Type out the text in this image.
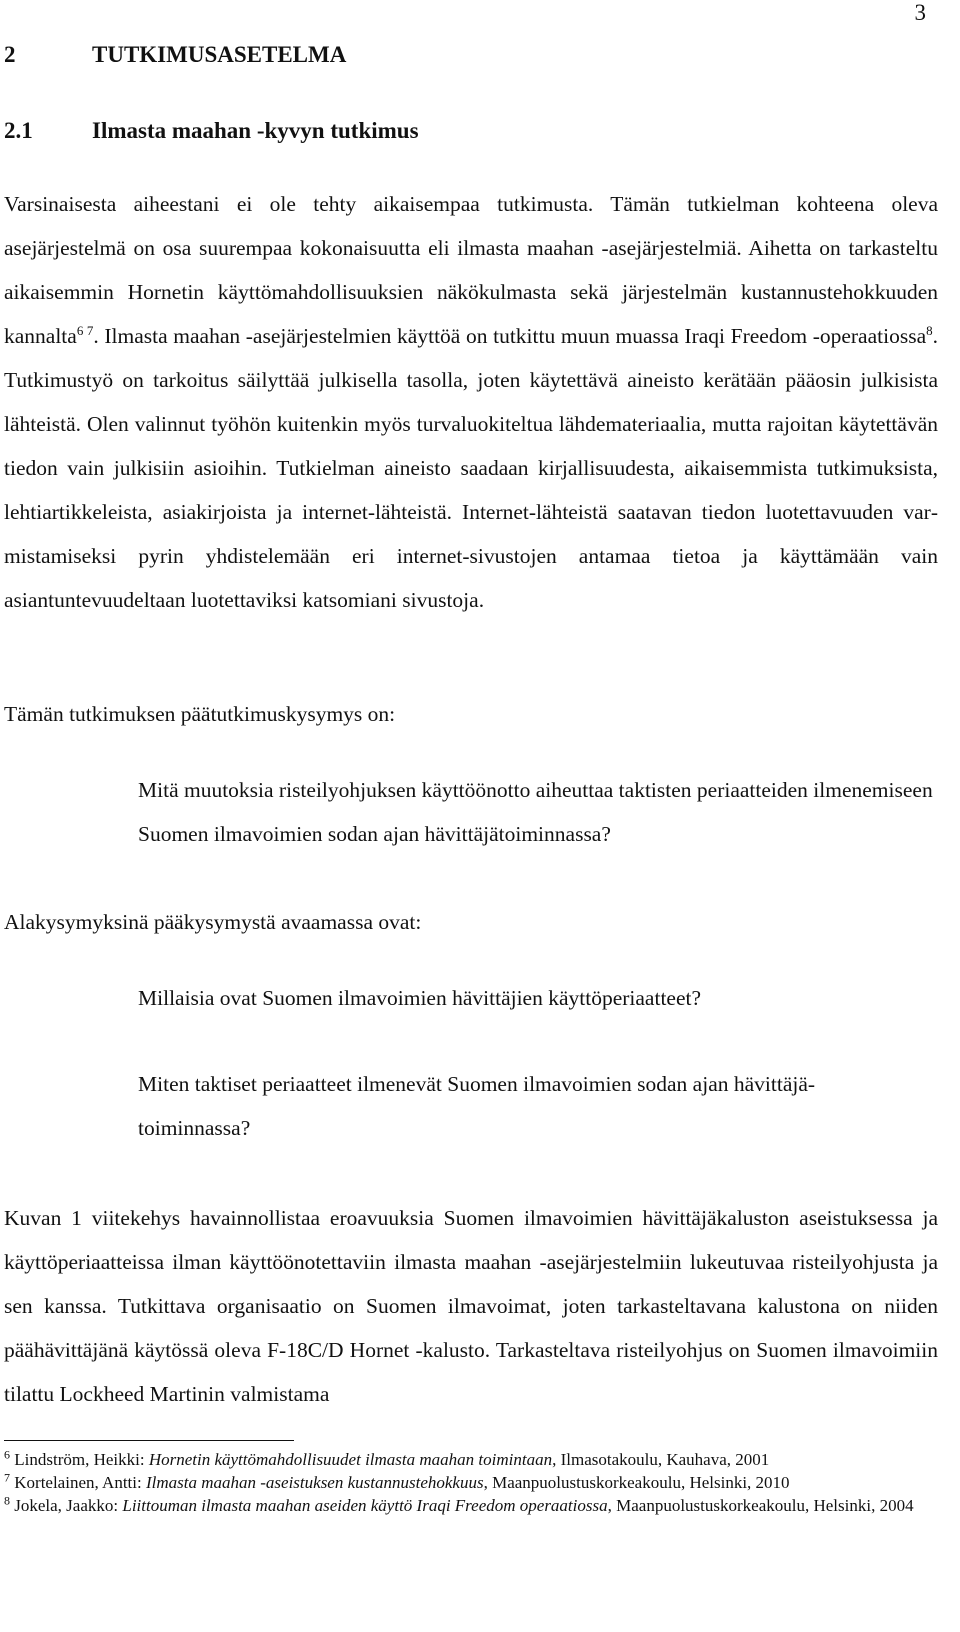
3
2	TUTKIMUSASETELMA
2.1	Ilmasta maahan -kyvyn tutkimus

Varsinaisesta aiheestani ei ole tehty aikaisempaa tutkimusta. Tämän tutkielman kohteena oleva asejärjestelmä on osa suurempaa kokonaisuutta eli ilmasta maahan -asejärjestelmiä. Aihetta on tarkasteltu aikaisemmin Hornetin käyttömahdollisuuksien näkökulmasta sekä järjestelmän kustannustehokkuuden kannalta$^{6 7}$. Ilmasta maahan -asejärjestelmien käyttöä on tutkittu muun muassa Iraqi Freedom -operaatiossa$^8$. Tutkimustyö on tarkoitus säilyttää julkisella tasolla, joten käytettävä aineisto kerätään pääosin julkisista lähteistä. Olen valinnut työhön kuitenkin myös turvaluokiteltua lähdemateriaalia, mutta rajoitan käytettävän tiedon vain julkisiin asioihin. Tutkielman aineisto saadaan kirjallisuudesta, aikaisemmista tutkimuksista, lehtiartikkeleista, asiakirjoista ja internet-lähteistä. Internet-lähteistä saatavan tiedon luotettavuuden varmistamiseksi pyrin yhdistelemään eri internet-sivustojen antamaa tietoa ja käyttämään vain asiantuntevuudeltaan luotettaviksi katsomiani sivustoja.

Tämän tutkimuksen päätutkimuskysymys on:

Mitä muutoksia risteilyohjuksen käyttöönotto aiheuttaa taktisten periaatteiden ilmenemiseen Suomen ilmavoimien sodan ajan hävittäjätoiminnassa?

Alakysymyksinä pääkysymystä avaamassa ovat:

Millaisia ovat Suomen ilmavoimien hävittäjien käyttöperiaatteet?

Miten taktiset periaatteet ilmenevät Suomen ilmavoimien sodan ajan hävittäjätoiminnassa?

Kuvan 1 viitekehys havainnollistaa eroavuuksia Suomen ilmavoimien hävittäjäkaluston aseistuksessa ja käyttöperiaatteissa ilman käyttöönotettaviin ilmasta maahan -asejärjestelmiin lukeutuvaa risteilyohjusta ja sen kanssa. Tutkittava organisaatio on Suomen ilmavoimat, joten tarkasteltavana kalustona on niiden päähävittäjänä käytössä oleva F-18C/D Hornet -kalusto. Tarkasteltava risteilyohjus on Suomen ilmavoimiin tilattu Lockheed Martinin valmistama

$^6$ Lindström, Heikki: Hornetin käyttömahdollisuudet ilmasta maahan toimintaan, Ilmasotakoulu, Kauhava, 2001

$^7$ Kortelainen, Antti: Ilmasta maahan -aseistuksen kustannustehokkuus, Maanpuolustuskorkeakoulu, Helsinki, 2010

$^8$ Jokela, Jaakko: Liittouman ilmasta maahan aseiden käyttö Iraqi Freedom operaatiossa, Maanpuolustuskorkeakoulu, Helsinki, 2004
